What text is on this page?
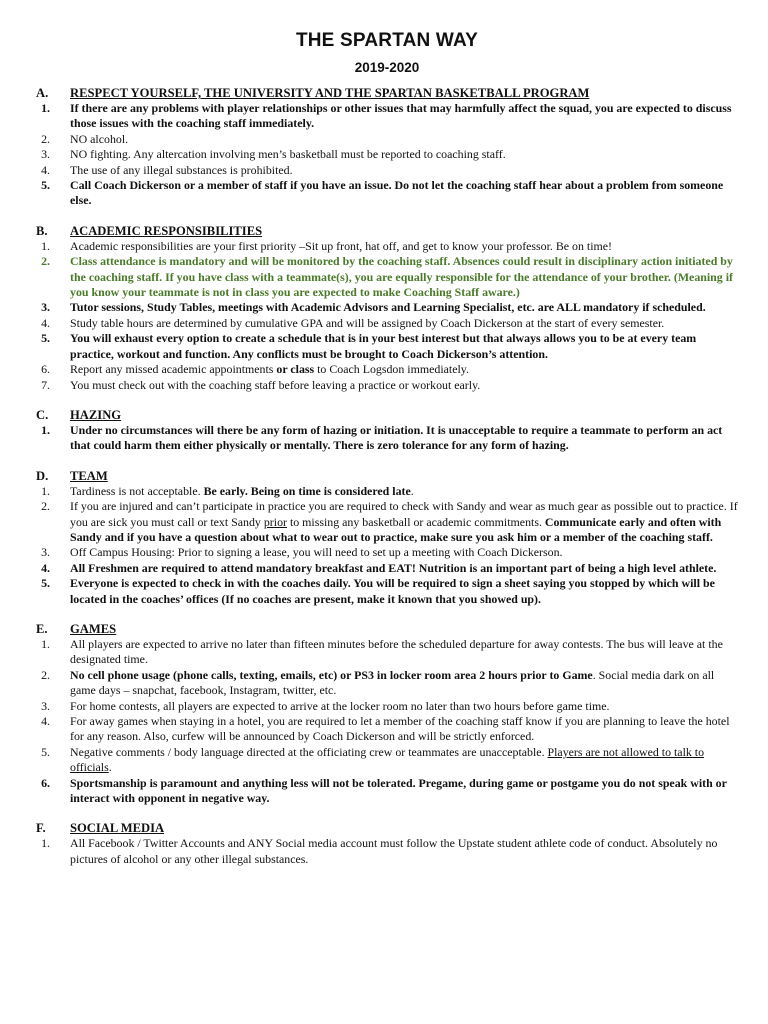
THE SPARTAN WAY
2019-2020
A.	RESPECT YOURSELF, THE UNIVERSITY AND THE SPARTAN BASKETBALL PROGRAM
1.	If there are any problems with player relationships or other issues that may harmfully affect the squad, you are expected to discuss those issues with the coaching staff immediately.
2.	NO alcohol.
3.	NO fighting. Any altercation involving men’s basketball must be reported to coaching staff.
4.	The use of any illegal substances is prohibited.
5.	Call Coach Dickerson or a member of staff if you have an issue. Do not let the coaching staff hear about a problem from someone else.
B.	ACADEMIC RESPONSIBILITIES
1.	Academic responsibilities are your first priority –Sit up front, hat off, and get to know your professor. Be on time!
2.	Class attendance is mandatory and will be monitored by the coaching staff. Absences could result in disciplinary action initiated by the coaching staff. If you have class with a teammate(s), you are equally responsible for the attendance of your brother. (Meaning if you know your teammate is not in class you are expected to make Coaching Staff aware.)
3.	Tutor sessions, Study Tables, meetings with Academic Advisors and Learning Specialist, etc. are ALL mandatory if scheduled.
4.	Study table hours are determined by cumulative GPA and will be assigned by Coach Dickerson at the start of every semester.
5.	You will exhaust every option to create a schedule that is in your best interest but that always allows you to be at every team practice, workout and function. Any conflicts must be brought to Coach Dickerson’s attention.
6.	Report any missed academic appointments or class to Coach Logsdon immediately.
7.	You must check out with the coaching staff before leaving a practice or workout early.
C.	HAZING
1.	Under no circumstances will there be any form of hazing or initiation. It is unacceptable to require a teammate to perform an act that could harm them either physically or mentally. There is zero tolerance for any form of hazing.
D.	TEAM
1.	Tardiness is not acceptable. Be early. Being on time is considered late.
2.	If you are injured and can’t participate in practice you are required to check with Sandy and wear as much gear as possible out to practice. If you are sick you must call or text Sandy prior to missing any basketball or academic commitments. Communicate early and often with Sandy and if you have a question about what to wear out to practice, make sure you ask him or a member of the coaching staff.
3.	Off Campus Housing: Prior to signing a lease, you will need to set up a meeting with Coach Dickerson.
4.	All Freshmen are required to attend mandatory breakfast and EAT! Nutrition is an important part of being a high level athlete.
5.	Everyone is expected to check in with the coaches daily. You will be required to sign a sheet saying you stopped by which will be located in the coaches’ offices (If no coaches are present, make it known that you showed up).
E.	GAMES
1.	All players are expected to arrive no later than fifteen minutes before the scheduled departure for away contests. The bus will leave at the designated time.
2.	No cell phone usage (phone calls, texting, emails, etc) or PS3 in locker room area 2 hours prior to Game. Social media dark on all game days – snapchat, facebook, Instagram, twitter, etc.
3.	For home contests, all players are expected to arrive at the locker room no later than two hours before game time.
4.	For away games when staying in a hotel, you are required to let a member of the coaching staff know if you are planning to leave the hotel for any reason. Also, curfew will be announced by Coach Dickerson and will be strictly enforced.
5.	Negative comments / body language directed at the officiating crew or teammates are unacceptable. Players are not allowed to talk to officials.
6.	Sportsmanship is paramount and anything less will not be tolerated. Pregame, during game or postgame you do not speak with or interact with opponent in negative way.
F.	SOCIAL MEDIA
1.	All Facebook / Twitter Accounts and ANY Social media account must follow the Upstate student athlete code of conduct. Absolutely no pictures of alcohol or any other illegal substances.
